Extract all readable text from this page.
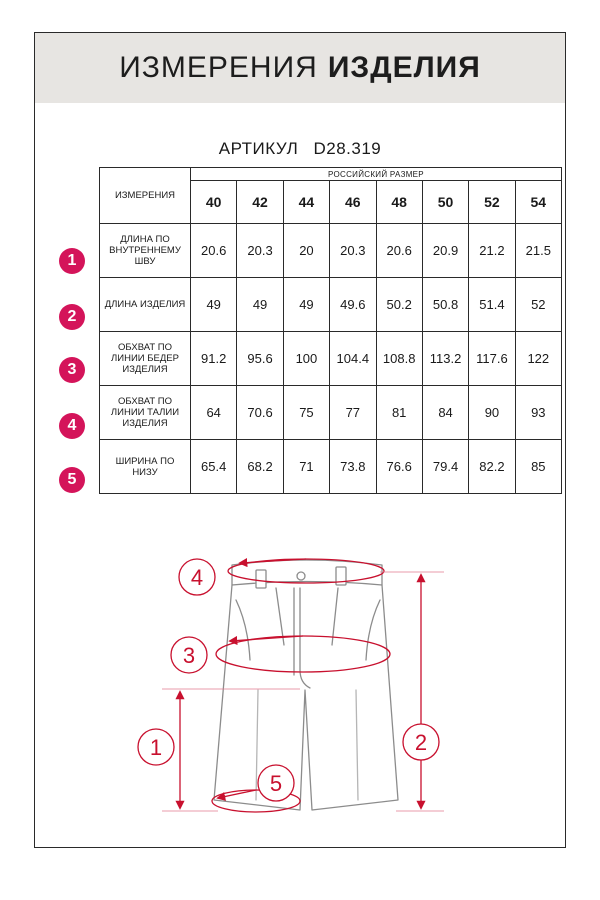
ИЗМЕРЕНИЯ ИЗДЕЛИЯ
АРТИКУЛ D28.319
ИЗМЕРЕНИЯ	РОССИЙСКИЙ РАЗМЕР							
	40	42	44	46	48	50	52	54
ДЛИНА ПО ВНУТРЕННЕМУ ШВУ	20.6	20.3	20	20.3	20.6	20.9	21.2	21.5
ДЛИНА ИЗДЕЛИЯ	49	49	49	49.6	50.2	50.8	51.4	52
ОБХВАТ ПО ЛИНИИ БЕДЕР ИЗДЕЛИЯ	91.2	95.6	100	104.4	108.8	113.2	117.6	122
ОБХВАТ ПО ЛИНИИ ТАЛИИ ИЗДЕЛИЯ	64	70.6	75	77	81	84	90	93
ШИРИНА ПО НИЗУ	65.4	68.2	71	73.8	76.6	79.4	82.2	85
1
2
3
4
5
4
3
1	2
5
